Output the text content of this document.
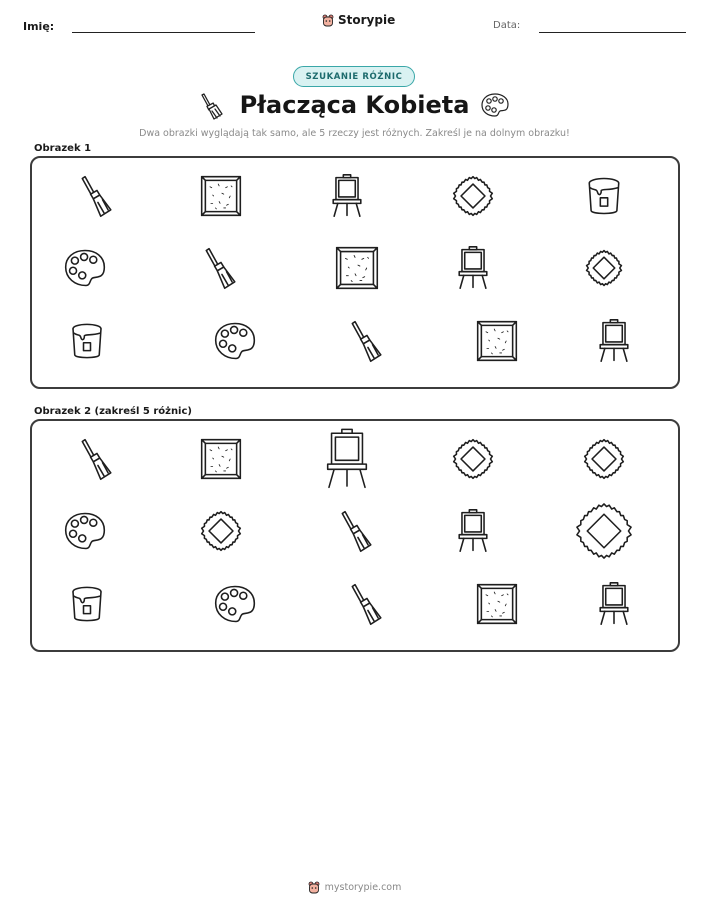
Imię:	Storypie	Data:
SZUKANIE RÓŻNIC
Płacząca Kobieta
Dwa obrazki wyglądają tak samo, ale 5 rzeczy jest różnych. Zakreśl je na dolnym obrazku!
Obrazek 1
Obrazek 2 (zakreśl 5 różnic)
mystorypie.com
